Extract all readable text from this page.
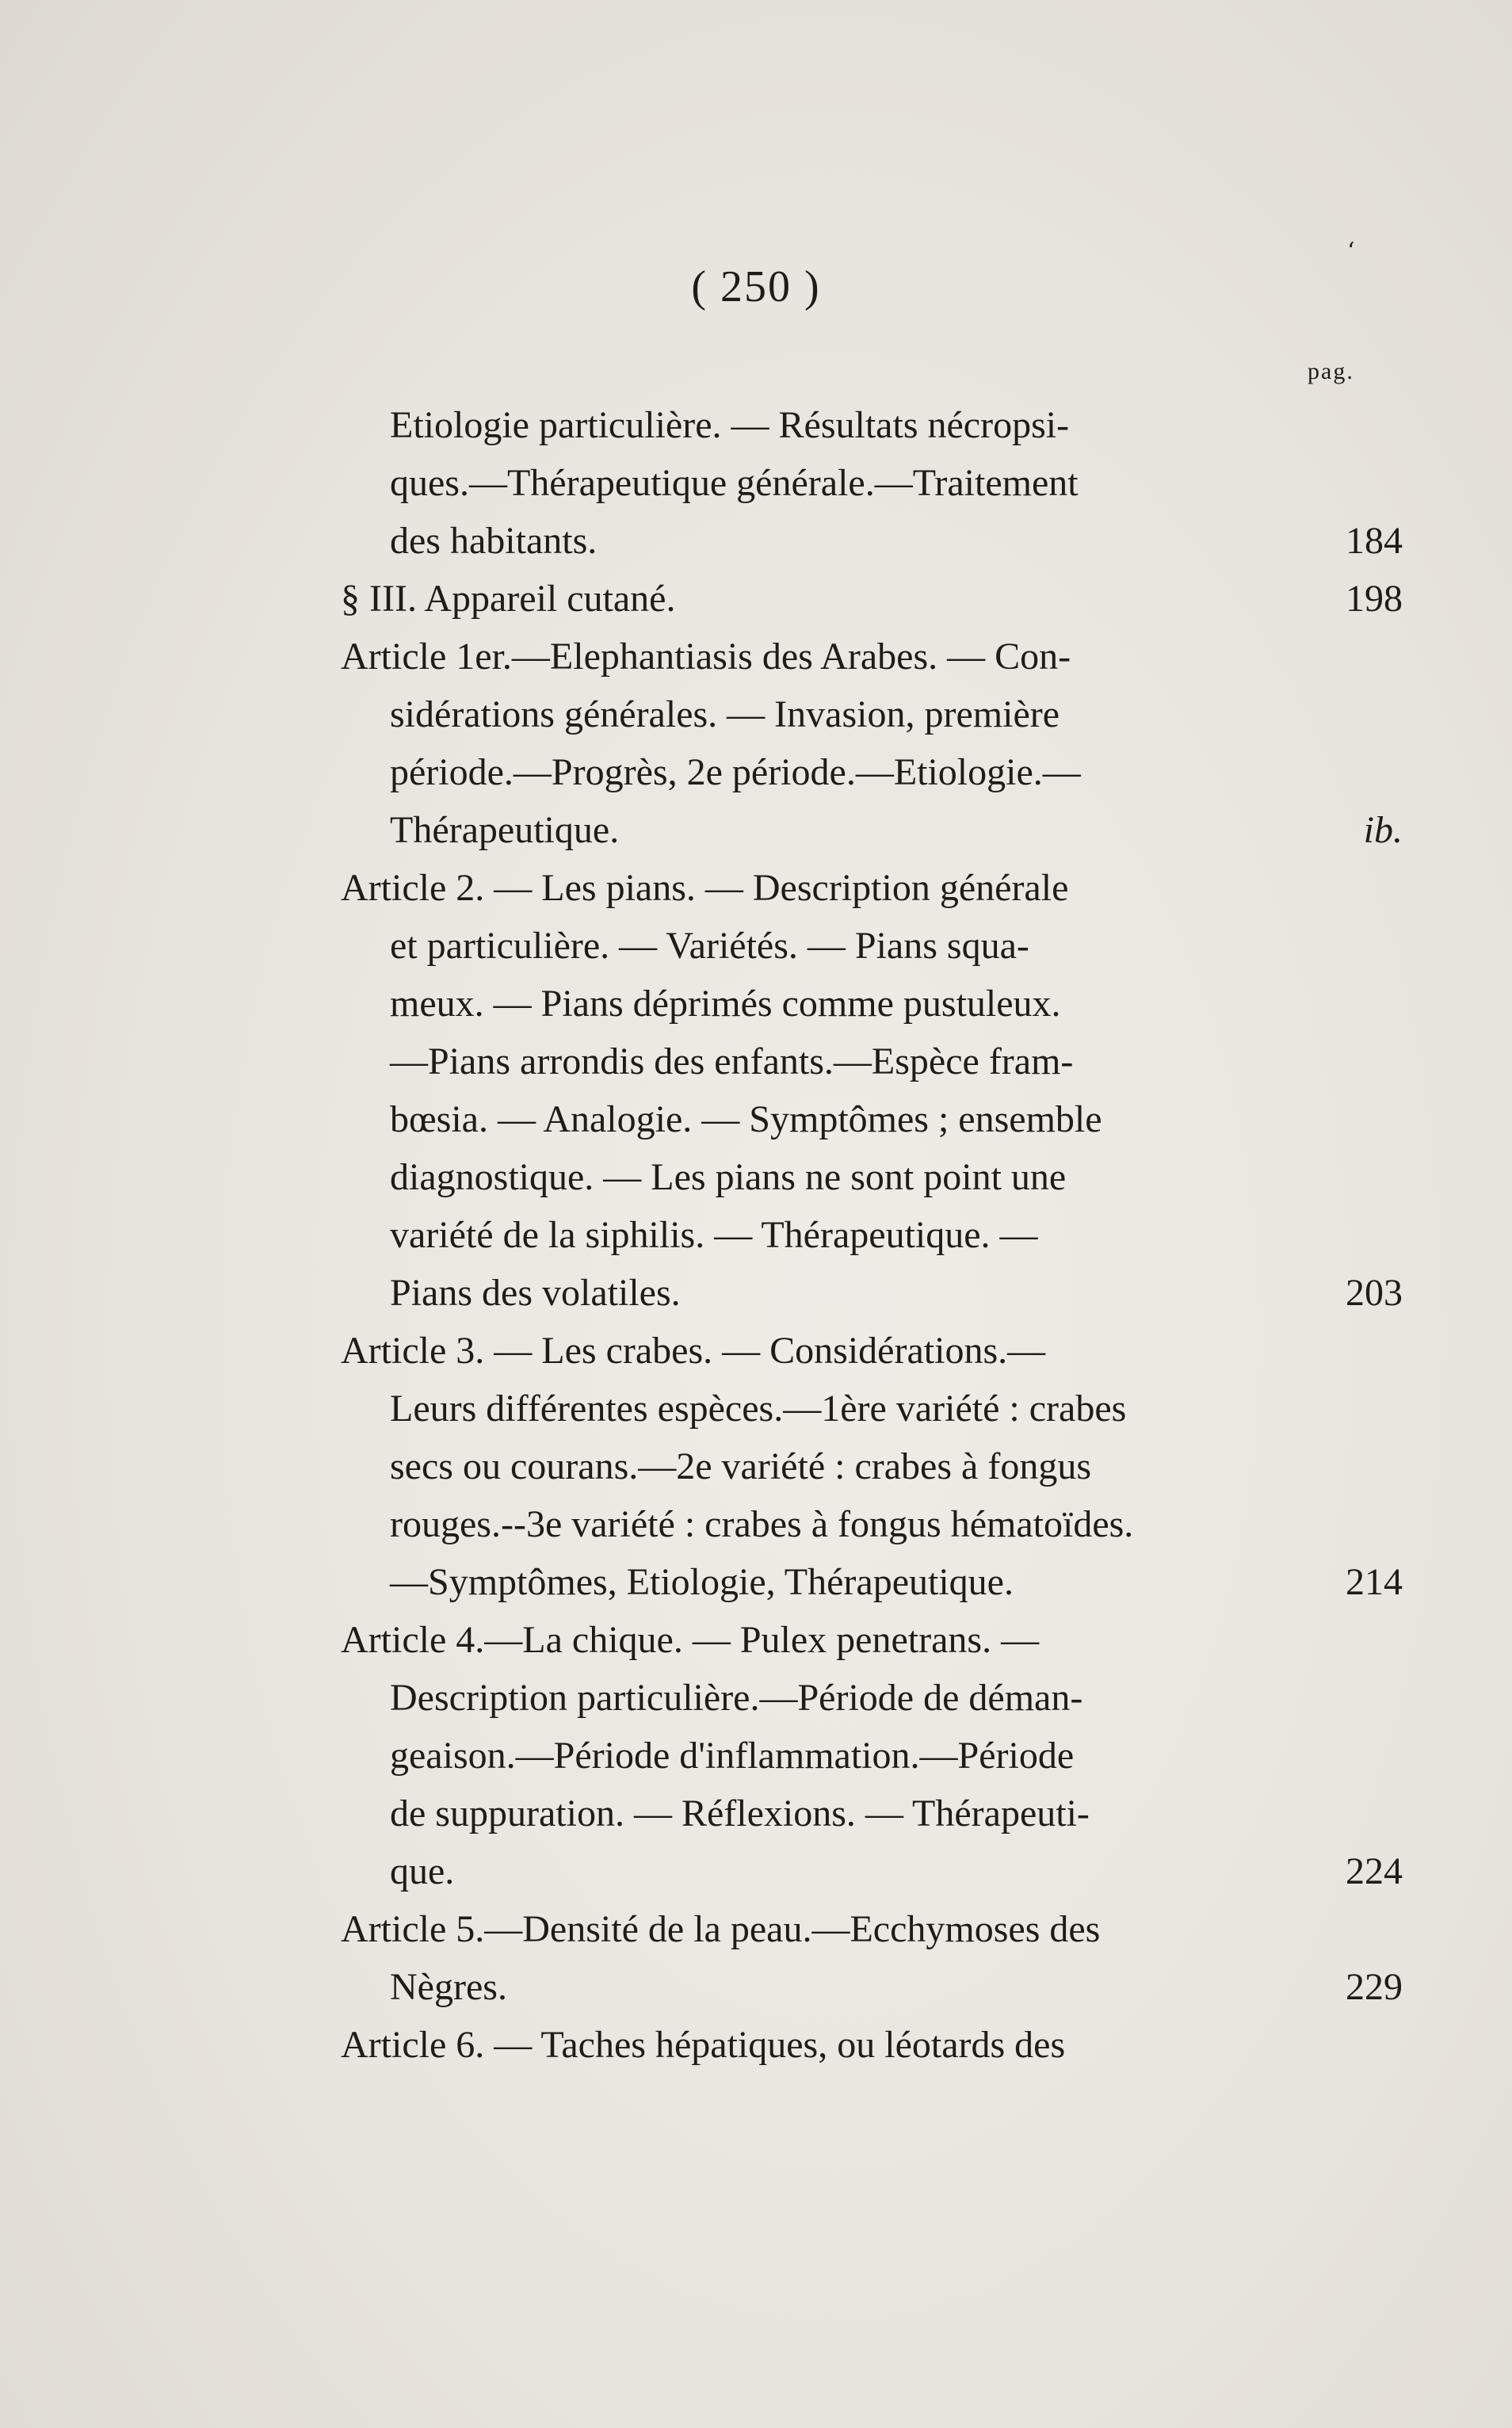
ʻ
( 250 )
pag.
Etiologie particulière. — Résultats nécropsi-
ques.—Thérapeutique générale.—Traitement
des habitants.	184
§ III. Appareil cutané.	198
Article 1er.—Elephantiasis des Arabes. — Con-
sidérations générales. — Invasion, première
période.—Progrès, 2e période.—Etiologie.—
Thérapeutique.	ib.
Article 2. — Les pians. — Description générale
et particulière. — Variétés. — Pians squa-
meux. — Pians déprimés comme pustuleux.
—Pians arrondis des enfants.—Espèce fram-
bœsia. — Analogie. — Symptômes ; ensemble
diagnostique. — Les pians ne sont point une
variété de la siphilis. — Thérapeutique. —
Pians des volatiles.	203
Article 3. — Les crabes. — Considérations.—
Leurs différentes espèces.—1ère variété : crabes
secs ou courans.—2e variété : crabes à fongus
rouges.--3e variété : crabes à fongus hématoïdes.
—Symptômes, Etiologie, Thérapeutique.	214
Article 4.—La chique. — Pulex penetrans. —
Description particulière.—Période de déman-
geaison.—Période d'inflammation.—Période
de suppuration. — Réflexions. — Thérapeuti-
que.	224
Article 5.—Densité de la peau.—Ecchymoses des
Nègres.	229
Article 6. — Taches hépatiques, ou léotards des
